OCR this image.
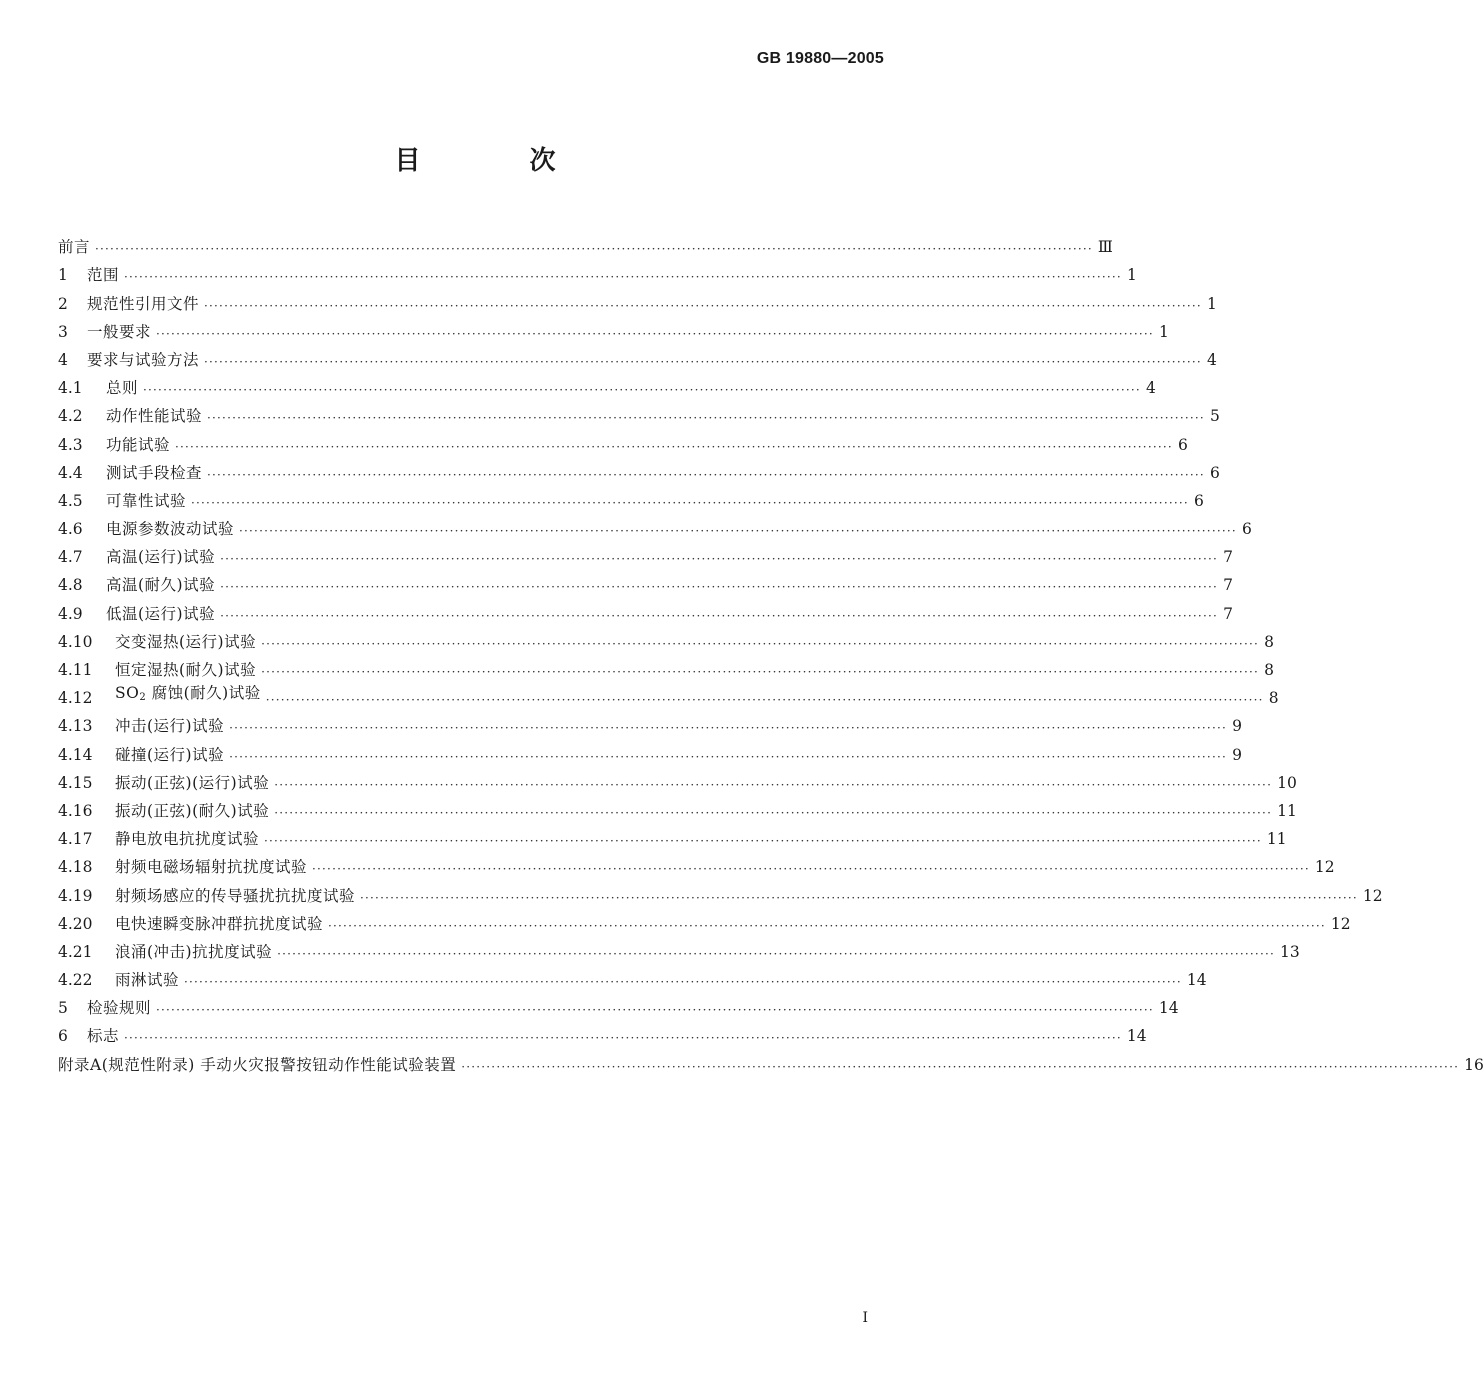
GB 19880—2005
目 次
前言 ······································································································································································································· Ⅲ
1	范围 ······································································································································································································· 1
2	规范性引用文件 ······································································································································································································· 1
3	一般要求 ······································································································································································································· 1
4	要求与试验方法 ······································································································································································································· 4
4.1	总则 ······································································································································································································· 4
4.2	动作性能试验 ······································································································································································································· 5
4.3	功能试验 ······································································································································································································· 6
4.4	测试手段检查 ······································································································································································································· 6
4.5	可靠性试验 ······································································································································································································· 6
4.6	电源参数波动试验 ······································································································································································································· 6
4.7	高温(运行)试验 ······································································································································································································· 7
4.8	高温(耐久)试验 ······································································································································································································· 7
4.9	低温(运行)试验 ······································································································································································································· 7
4.10	交变湿热(运行)试验 ······································································································································································································· 8
4.11	恒定湿热(耐久)试验 ······································································································································································································· 8
4.12	$SO_2$ 腐蚀(耐久)试验 ······································································································································································································· 8
4.13	冲击(运行)试验 ······································································································································································································· 9
4.14	碰撞(运行)试验 ······································································································································································································· 9
4.15	振动(正弦)(运行)试验 ······································································································································································································· 10
4.16	振动(正弦)(耐久)试验 ······································································································································································································· 11
4.17	静电放电抗扰度试验 ······································································································································································································· 11
4.18	射频电磁场辐射抗扰度试验 ······································································································································································································· 12
4.19	射频场感应的传导骚扰抗扰度试验 ······································································································································································································· 12
4.20	电快速瞬变脉冲群抗扰度试验 ······································································································································································································· 12
4.21	浪涌(冲击)抗扰度试验 ······································································································································································································· 13
4.22	雨淋试验 ······································································································································································································· 14
5	检验规则 ······································································································································································································· 14
6	标志 ······································································································································································································· 14
附录A(规范性附录) 手动火灾报警按钮动作性能试验装置 ······································································································································································································· 16
I
